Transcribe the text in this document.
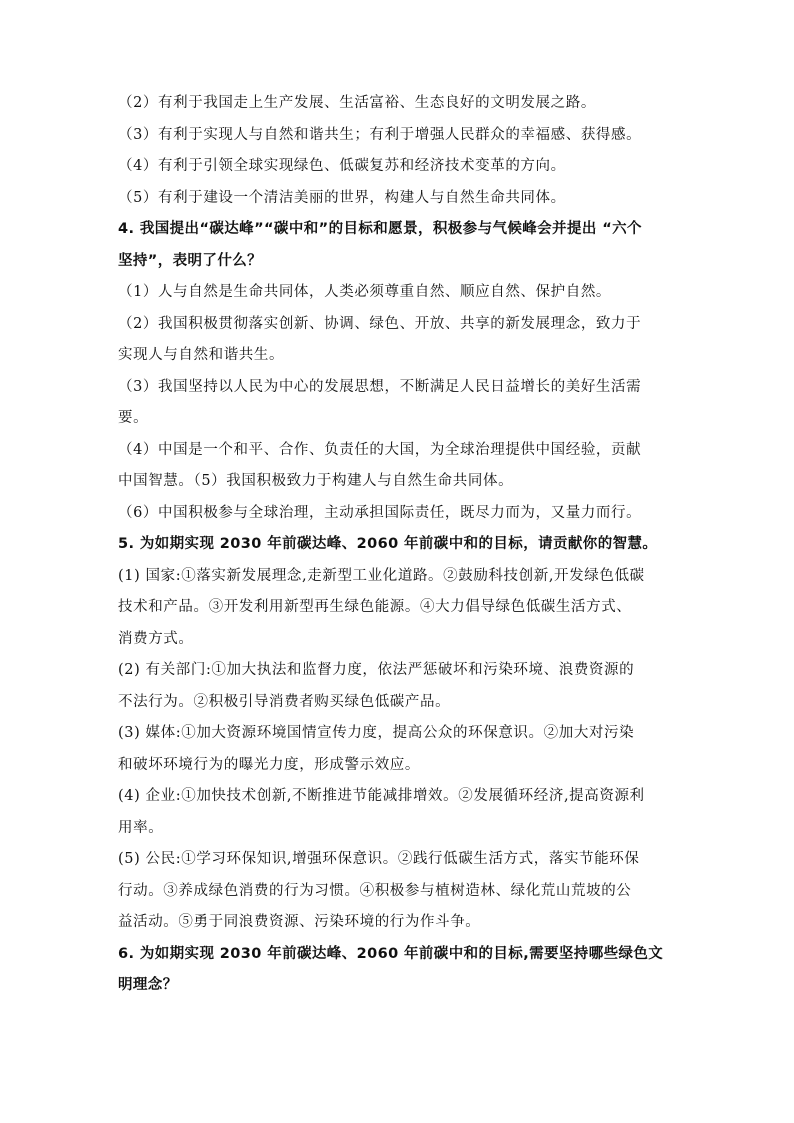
（2）有利于我国走上生产发展、生活富裕、生态良好的文明发展之路。
（3）有利于实现人与自然和谐共生；有利于增强人民群众的幸福感、获得感。
（4）有利于引领全球实现绿色、低碳复苏和经济技术变革的方向。
（5）有利于建设一个清洁美丽的世界，构建人与自然生命共同体。
4. 我国提出“碳达峰”“碳中和”的目标和愿景，积极参与气候峰会并提出 “六个
坚持”，表明了什么？
（1）人与自然是生命共同体，人类必须尊重自然、顺应自然、保护自然。
（2）我国积极贯彻落实创新、协调、绿色、开放、共享的新发展理念，致力于
实现人与自然和谐共生。
（3）我国坚持以人民为中心的发展思想，不断满足人民日益增长的美好生活需
要。
（4）中国是一个和平、合作、负责任的大国，为全球治理提供中国经验，贡献
中国智慧。（5）我国积极致力于构建人与自然生命共同体。
（6）中国积极参与全球治理，主动承担国际责任，既尽力而为，又量力而行。
5. 为如期实现 2030 年前碳达峰、2060 年前碳中和的目标，请贡献你的智慧。
(1) 国家:①落实新发展理念,走新型工业化道路。②鼓励科技创新,开发绿色低碳
技术和产品。③开发利用新型再生绿色能源。④大力倡导绿色低碳生活方式、
消费方式。
(2) 有关部门:①加大执法和监督力度，依法严惩破坏和污染环境、浪费资源的
不法行为。②积极引导消费者购买绿色低碳产品。
(3) 媒体:①加大资源环境国情宣传力度，提高公众的环保意识。②加大对污染
和破坏环境行为的曝光力度，形成警示效应。
(4) 企业:①加快技术创新,不断推进节能减排增效。②发展循环经济,提高资源利
用率。
(5) 公民:①学习环保知识,增强环保意识。②践行低碳生活方式，落实节能环保
行动。③养成绿色消费的行为习惯。④积极参与植树造林、绿化荒山荒坡的公
益活动。⑤勇于同浪费资源、污染环境的行为作斗争。
6. 为如期实现 2030 年前碳达峰、2060 年前碳中和的目标,需要坚持哪些绿色文
明理念？
